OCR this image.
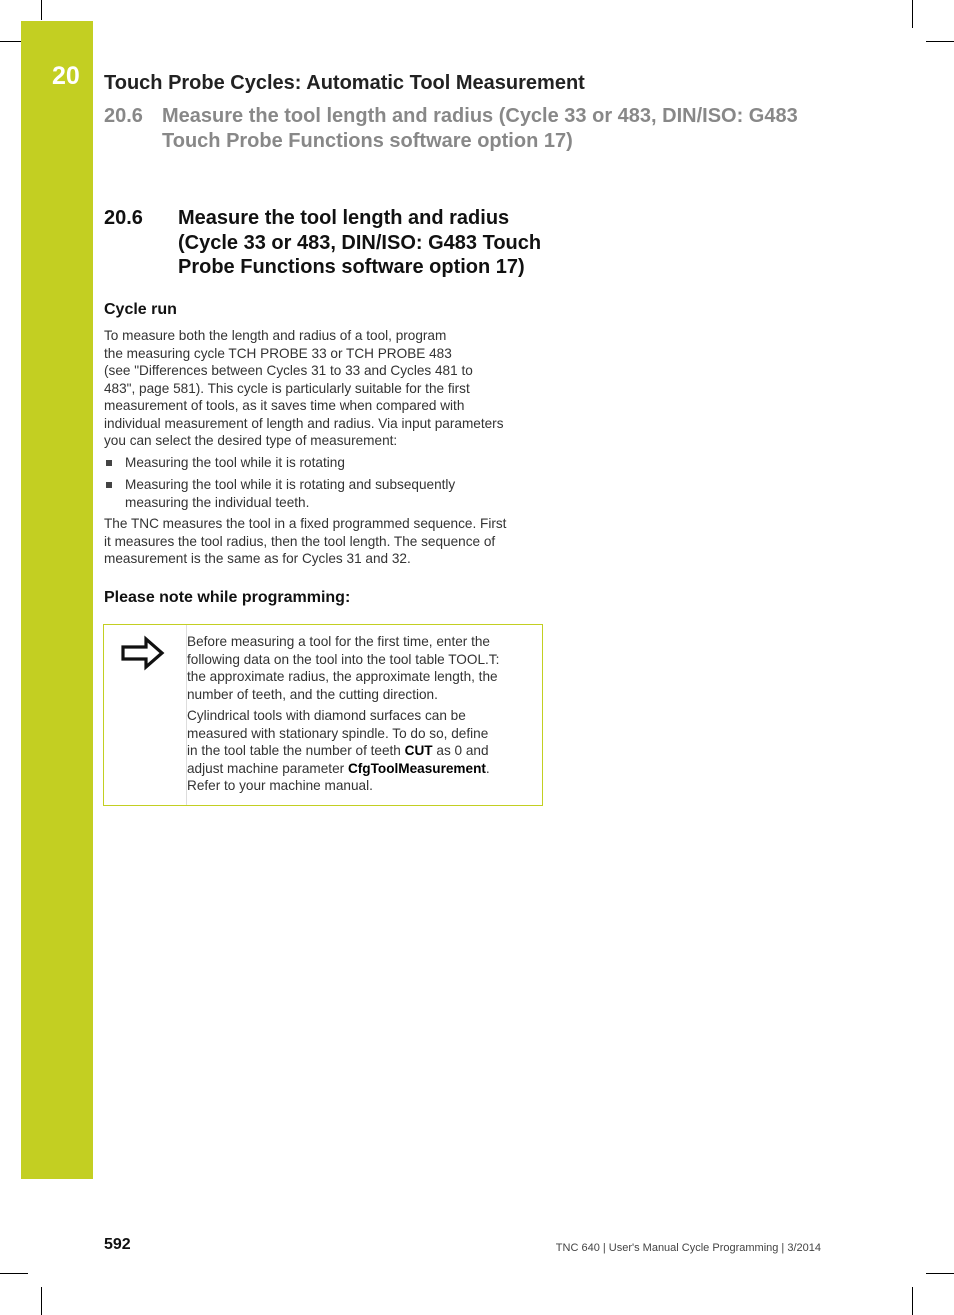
20 Touch Probe Cycles: Automatic Tool Measurement
20.6 Measure the tool length and radius (Cycle 33 or 483, DIN/ISO: G483
Touch Probe Functions software option 17)
20.6 Measure the tool length and radius
(Cycle 33 or 483, DIN/ISO: G483 Touch
Probe Functions software option 17)
Cycle run
To measure both the length and radius of a tool, program
the measuring cycle TCH PROBE 33 or TCH PROBE 483
(see "Differences between Cycles 31 to 33 and Cycles 481 to
483", page 581). This cycle is particularly suitable for the first
measurement of tools, as it saves time when compared with
individual measurement of length and radius. Via input parameters
you can select the desired type of measurement:
Measuring the tool while it is rotating
Measuring the tool while it is rotating and subsequently
measuring the individual teeth.
The TNC measures the tool in a fixed programmed sequence. First
it measures the tool radius, then the tool length. The sequence of
measurement is the same as for Cycles 31 and 32.
Please note while programming:
Before measuring a tool for the first time, enter the
following data on the tool into the tool table TOOL.T:
the approximate radius, the approximate length, the
number of teeth, and the cutting direction.
Cylindrical tools with diamond surfaces can be
measured with stationary spindle. To do so, define
in the tool table the number of teeth CUT as 0 and
adjust machine parameter CfgToolMeasurement.
Refer to your machine manual.
592	TNC 640 | User's Manual Cycle Programming | 3/2014
